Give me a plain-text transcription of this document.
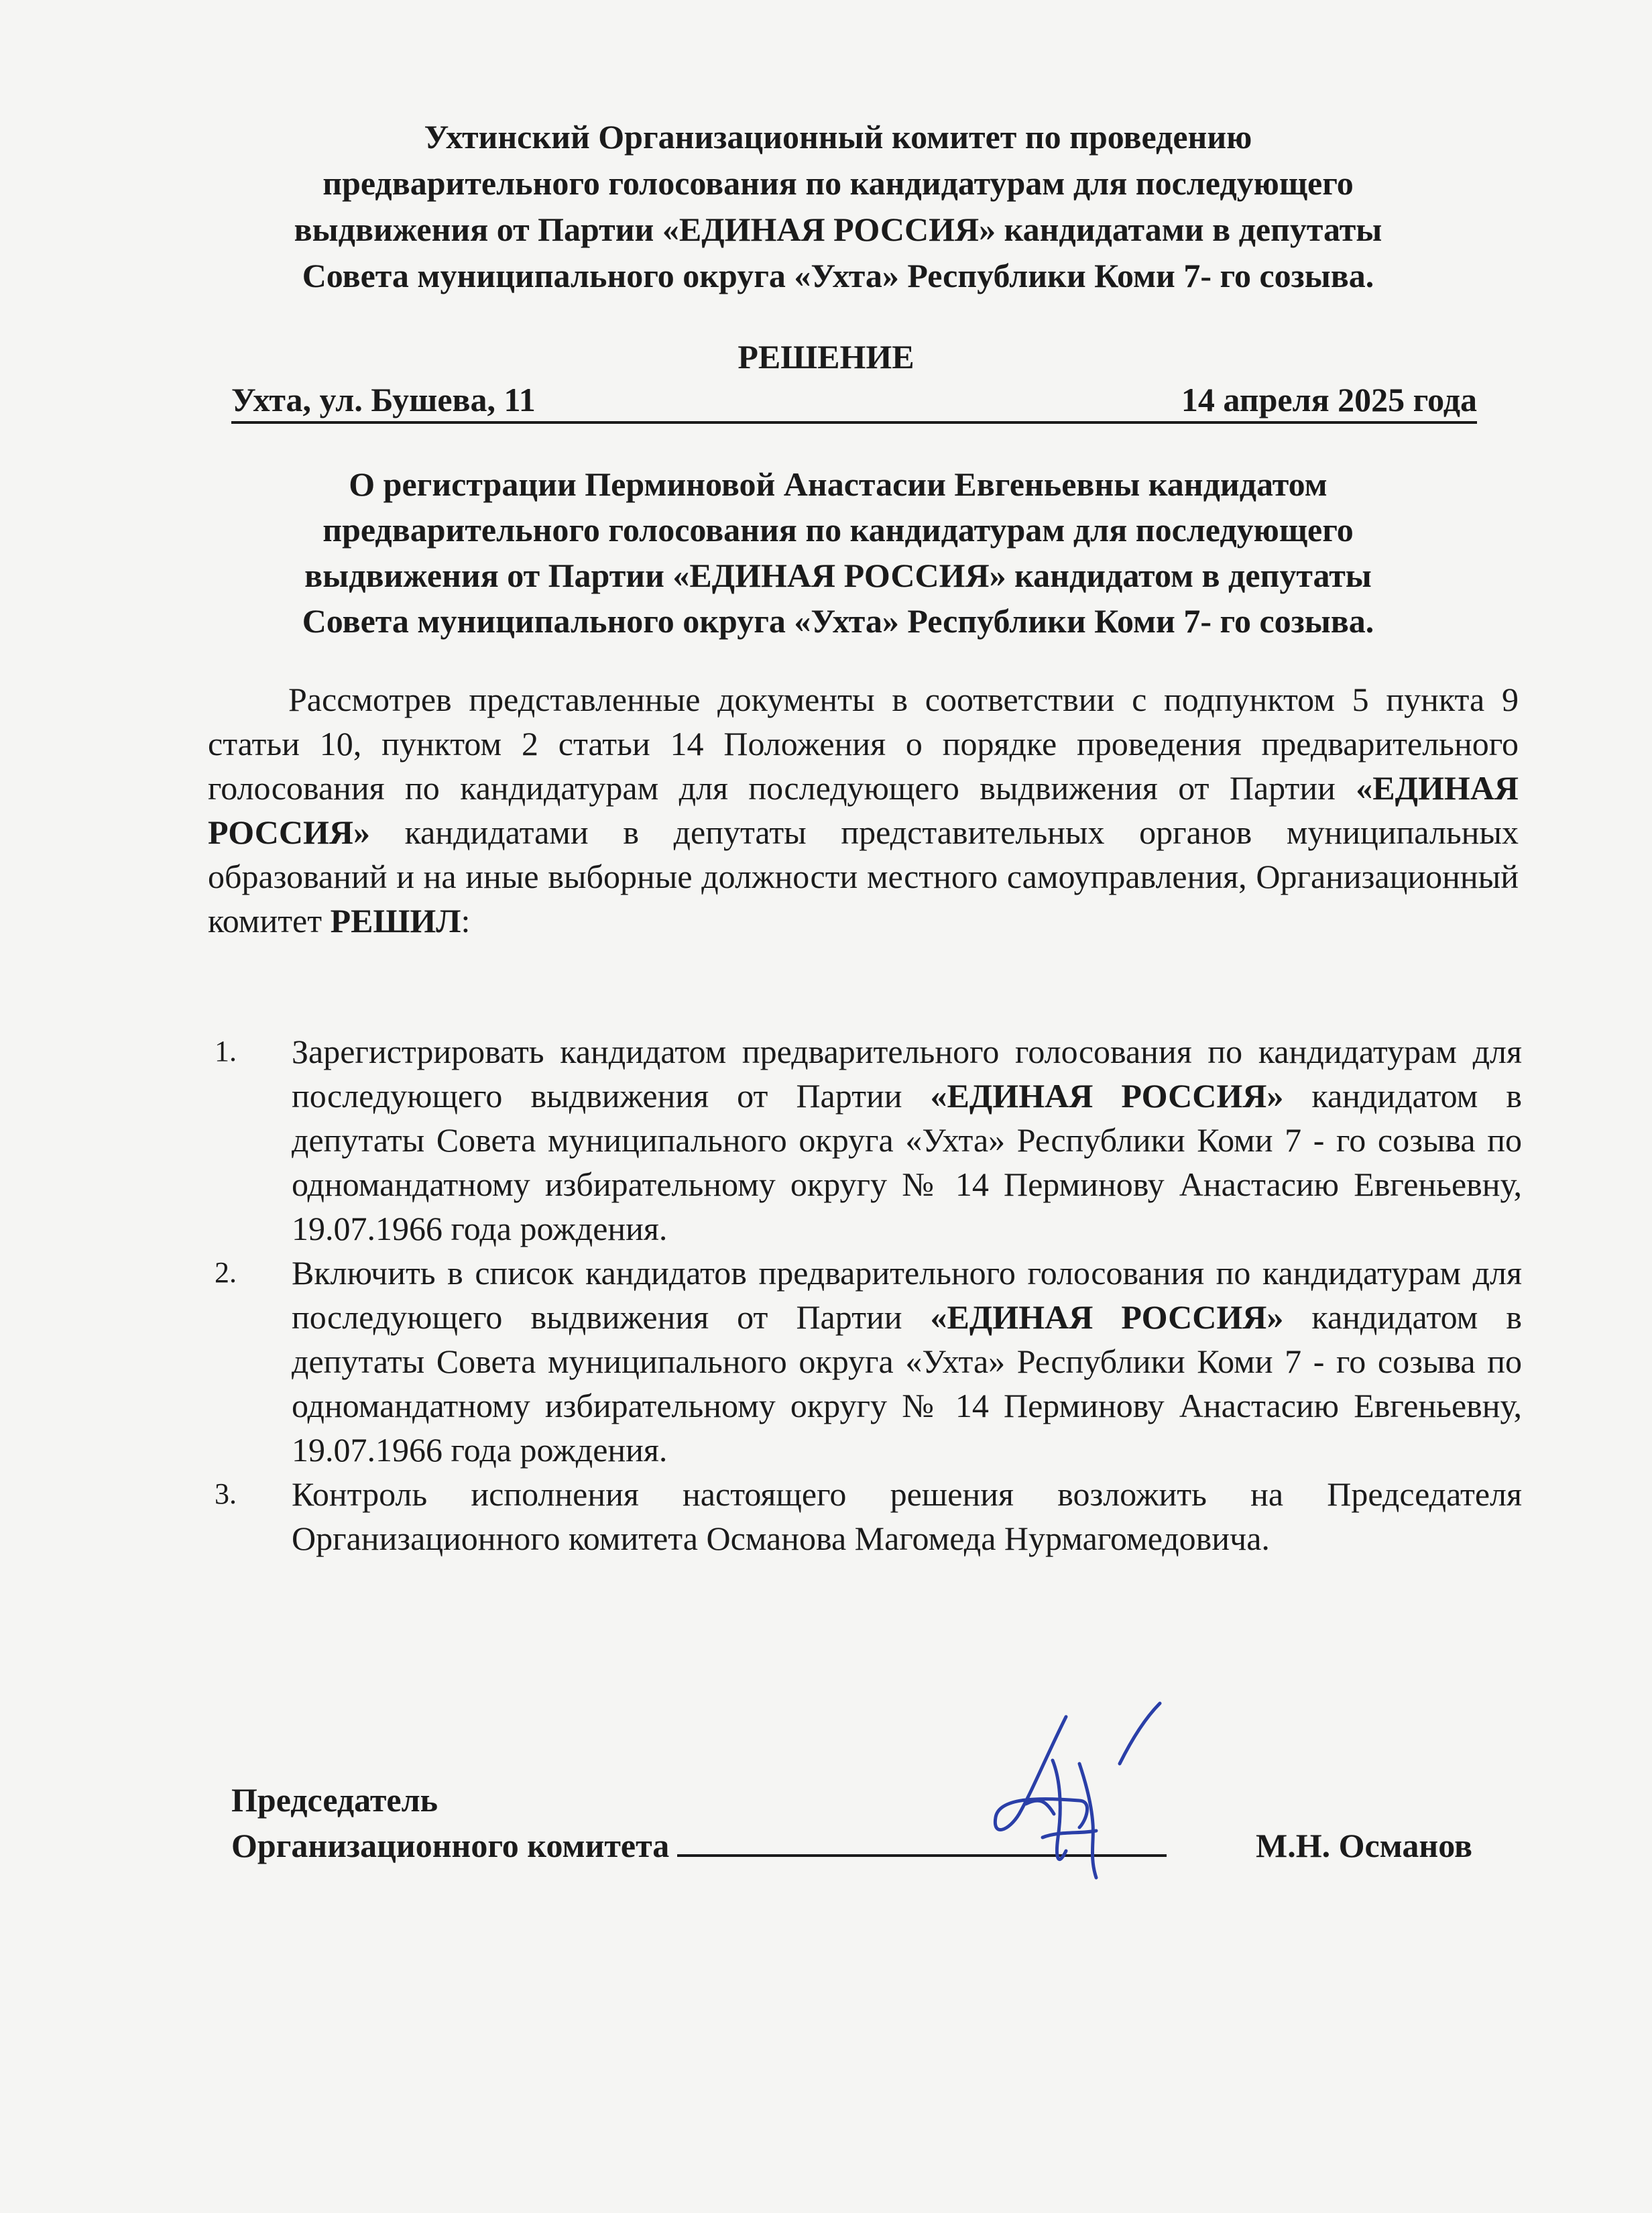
Ухтинский Организационный комитет по проведению
предварительного голосования по кандидатурам для последующего
выдвижения от Партии «ЕДИНАЯ РОССИЯ» кандидатами в депутаты
Совета муниципального округа «Ухта» Республики Коми 7- го созыва.
РЕШЕНИЕ
Ухта, ул. Бушева, 11	14 апреля 2025 года
О регистрации Перминовой Анастасии Евгеньевны кандидатом
предварительного голосования по кандидатурам для последующего
выдвижения от Партии «ЕДИНАЯ РОССИЯ» кандидатом в депутаты
Совета муниципального округа «Ухта» Республики Коми 7- го созыва.
Рассмотрев представленные документы в соответствии с подпунктом 5 пункта 9 статьи 10, пунктом 2 статьи 14 Положения о порядке проведения предварительного голосования по кандидатурам для последующего выдвижения от Партии «ЕДИНАЯ РОССИЯ» кандидатами в депутаты представительных органов муниципальных образований и на иные выборные должности местного самоуправления, Организационный комитет РЕШИЛ:
1. Зарегистрировать кандидатом предварительного голосования по кандидатурам для последующего выдвижения от Партии «ЕДИНАЯ РОССИЯ» кандидатом в депутаты Совета муниципального округа «Ухта» Республики Коми 7 - го созыва по одномандатному избирательному округу № 14 Перминову Анастасию Евгеньевну, 19.07.1966 года рождения.
2. Включить в список кандидатов предварительного голосования по кандидатурам для последующего выдвижения от Партии «ЕДИНАЯ РОССИЯ» кандидатом в депутаты Совета муниципального округа «Ухта» Республики Коми 7 - го созыва по одномандатному избирательному округу № 14 Перминову Анастасию Евгеньевну, 19.07.1966 года рождения.
3. Контроль исполнения настоящего решения возложить на Председателя Организационного комитета Османова Магомеда Нурмагомедовича.
Председатель
Организационного комитета	М.Н. Османов
